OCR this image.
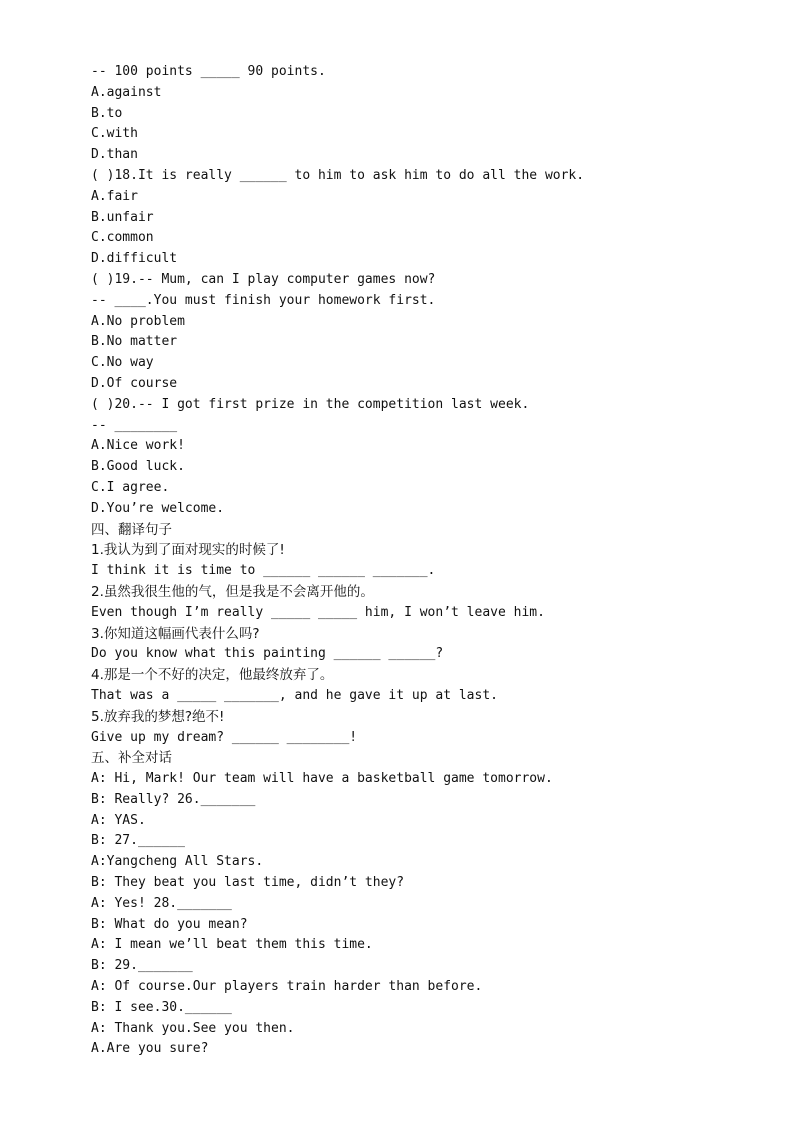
-- 100 points _____ 90 points.
A.against
B.to
C.with
D.than
( )18.It is really ______ to him to ask him to do all the work.
A.fair
B.unfair
C.common
D.difficult
( )19.-- Mum, can I play computer games now?
-- ____.You must finish your homework first.
A.No problem
B.No matter
C.No way
D.Of course
( )20.-- I got first prize in the competition last week.
-- ________
A.Nice work!
B.Good luck.
C.I agree.
D.You’re welcome.
四、翻译句子
1.我认为到了面对现实的时候了!
I think it is time to ______ ______ _______.
2.虽然我很生他的气，但是我是不会离开他的。
Even though I’m really _____ _____ him, I won’t leave him.
3.你知道这幅画代表什么吗?
Do you know what this painting ______ ______?
4.那是一个不好的决定，他最终放弃了。
That was a _____ _______, and he gave it up at last.
5.放弃我的梦想?绝不!
Give up my dream? ______ ________!
五、补全对话
A: Hi, Mark! Our team will have a basketball game tomorrow.
B: Really? 26._______
A: YAS.
B: 27.______
A:Yangcheng All Stars.
B: They beat you last time, didn’t they?
A: Yes! 28._______
B: What do you mean?
A: I mean we’ll beat them this time.
B: 29._______
A: Of course.Our players train harder than before.
B: I see.30.______
A: Thank you.See you then.
A.Are you sure?
